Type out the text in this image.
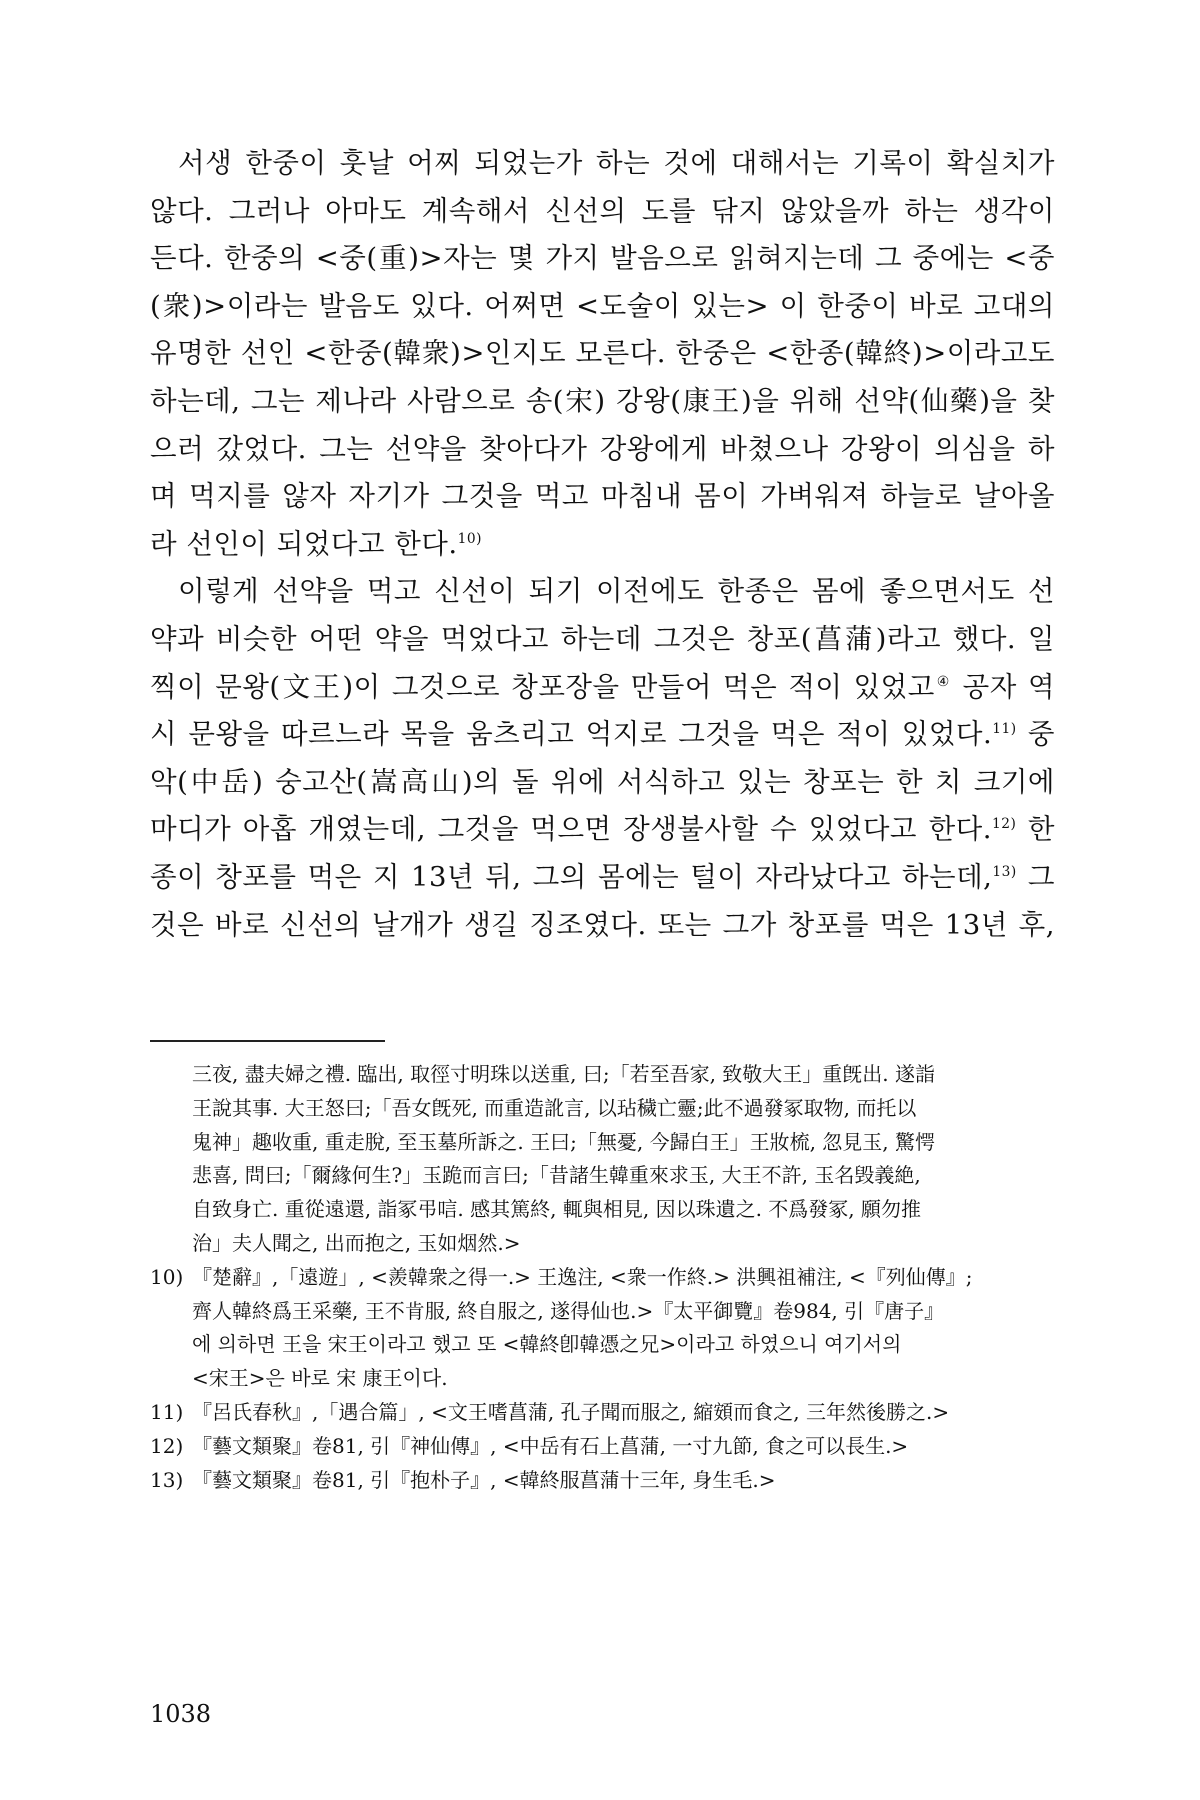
서생 한중이 훗날 어찌 되었는가 하는 것에 대해서는 기록이 확실치가
않다. 그러나 아마도 계속해서 신선의 도를 닦지 않았을까 하는 생각이
든다. 한중의 <중(重)>자는 몇 가지 발음으로 읽혀지는데 그 중에는 <중
(衆)>이라는 발음도 있다. 어쩌면 <도술이 있는> 이 한중이 바로 고대의
유명한 선인 <한중(韓衆)>인지도 모른다. 한중은 <한종(韓終)>이라고도
하는데, 그는 제나라 사람으로 송(宋) 강왕(康王)을 위해 선약(仙藥)을 찾
으러 갔었다. 그는 선약을 찾아다가 강왕에게 바쳤으나 강왕이 의심을 하
며 먹지를 않자 자기가 그것을 먹고 마침내 몸이 가벼워져 하늘로 날아올
라 선인이 되었다고 한다.$^{10)}$
이렇게 선약을 먹고 신선이 되기 이전에도 한종은 몸에 좋으면서도 선
약과 비슷한 어떤 약을 먹었다고 하는데 그것은 창포(菖蒲)라고 했다. 일
찍이 문왕(文王)이 그것으로 창포장을 만들어 먹은 적이 있었고④ 공자 역
시 문왕을 따르느라 목을 움츠리고 억지로 그것을 먹은 적이 있었다.$^{11)}$ 중
악(中岳) 숭고산(嵩高山)의 돌 위에 서식하고 있는 창포는 한 치 크기에
마디가 아홉 개였는데, 그것을 먹으면 장생불사할 수 있었다고 한다.$^{12)}$ 한
종이 창포를 먹은 지 13년 뒤, 그의 몸에는 털이 자라났다고 하는데,$^{13)}$ 그
것은 바로 신선의 날개가 생길 징조였다. 또는 그가 창포를 먹은 13년 후,
三夜, 盡夫婦之禮. 臨出, 取徑寸明珠以送重, 曰;「若至吾家, 致敬大王」重旣出. 遂詣
王說其事. 大王怒曰;「吾女旣死, 而重造訛言, 以玷穢亡靈;此不過發冢取物, 而托以
鬼神」趣收重, 重走脫, 至玉墓所訴之. 王曰;「無憂, 今歸白王」王妝梳, 忽見玉, 驚愕
悲喜, 問曰;「爾緣何生?」玉跪而言曰;「昔諸生韓重來求玉, 大王不許, 玉名毁義絶,
自致身亡. 重從遠還, 詣冢弔唁. 感其篤終, 輒與相見, 因以珠遺之. 不爲發冢, 願勿推
治」夫人聞之, 出而抱之, 玉如烟然.>
10) 『楚辭』,「遠遊」, <羨韓衆之得一.> 王逸注, <衆一作終.> 洪興祖補注, <『列仙傳』;
齊人韓終爲王采藥, 王不肯服, 終自服之, 遂得仙也.>『太平御覽』卷984, 引『唐子』
에 의하면 王을 宋王이라고 했고 또 <韓終卽韓憑之兄>이라고 하였으니 여기서의
<宋王>은 바로 宋 康王이다.
11) 『呂氏春秋』,「遇合篇」, <文王嗜菖蒲, 孔子聞而服之, 縮頞而食之, 三年然後勝之.>
12) 『藝文類聚』卷81, 引『神仙傳』, <中岳有石上菖蒲, 一寸九節, 食之可以長生.>
13) 『藝文類聚』卷81, 引『抱朴子』, <韓終服菖蒲十三年, 身生毛.>
1038
